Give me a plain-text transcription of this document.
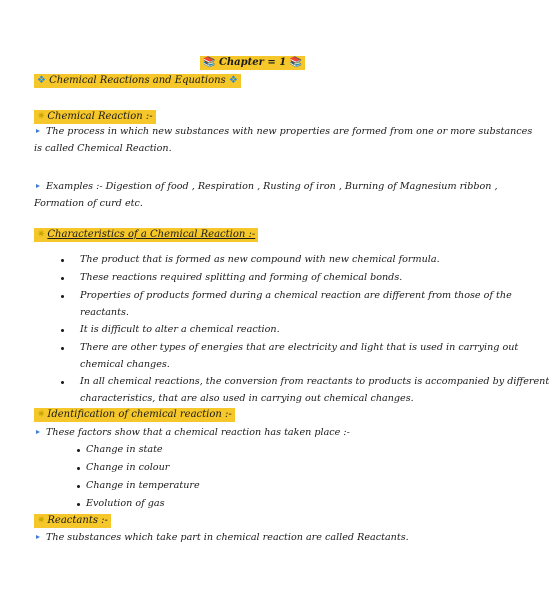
📚 Chapter = 1 📚
❖ Chemical Reactions and Equations ❖
✷ Chemical Reaction :-
The process in which new substances with new properties are formed from one or more substances
is called Chemical Reaction.
Examples :- Digestion of food , Respiration , Rusting of iron , Burning of Magnesium ribbon ,
Formation of curd etc.
✷ Characteristics of a Chemical Reaction :-
The product that is formed as new compound with new chemical formula.
These reactions required splitting and forming of chemical bonds.
Properties of products formed during a chemical reaction are different from those of the
reactants.
It is difficult to alter a chemical reaction.
There are other types of energies that are electricity and light that is used in carrying out
chemical changes.
In all chemical reactions, the conversion from reactants to products is accompanied by different
characteristics, that are also used in carrying out chemical changes.
✷ Identification of chemical reaction :-
These factors show that a chemical reaction has taken place :-
Change in state
Change in colour
Change in temperature
Evolution of gas
✷ Reactants :-
The substances which take part in chemical reaction are called Reactants.
